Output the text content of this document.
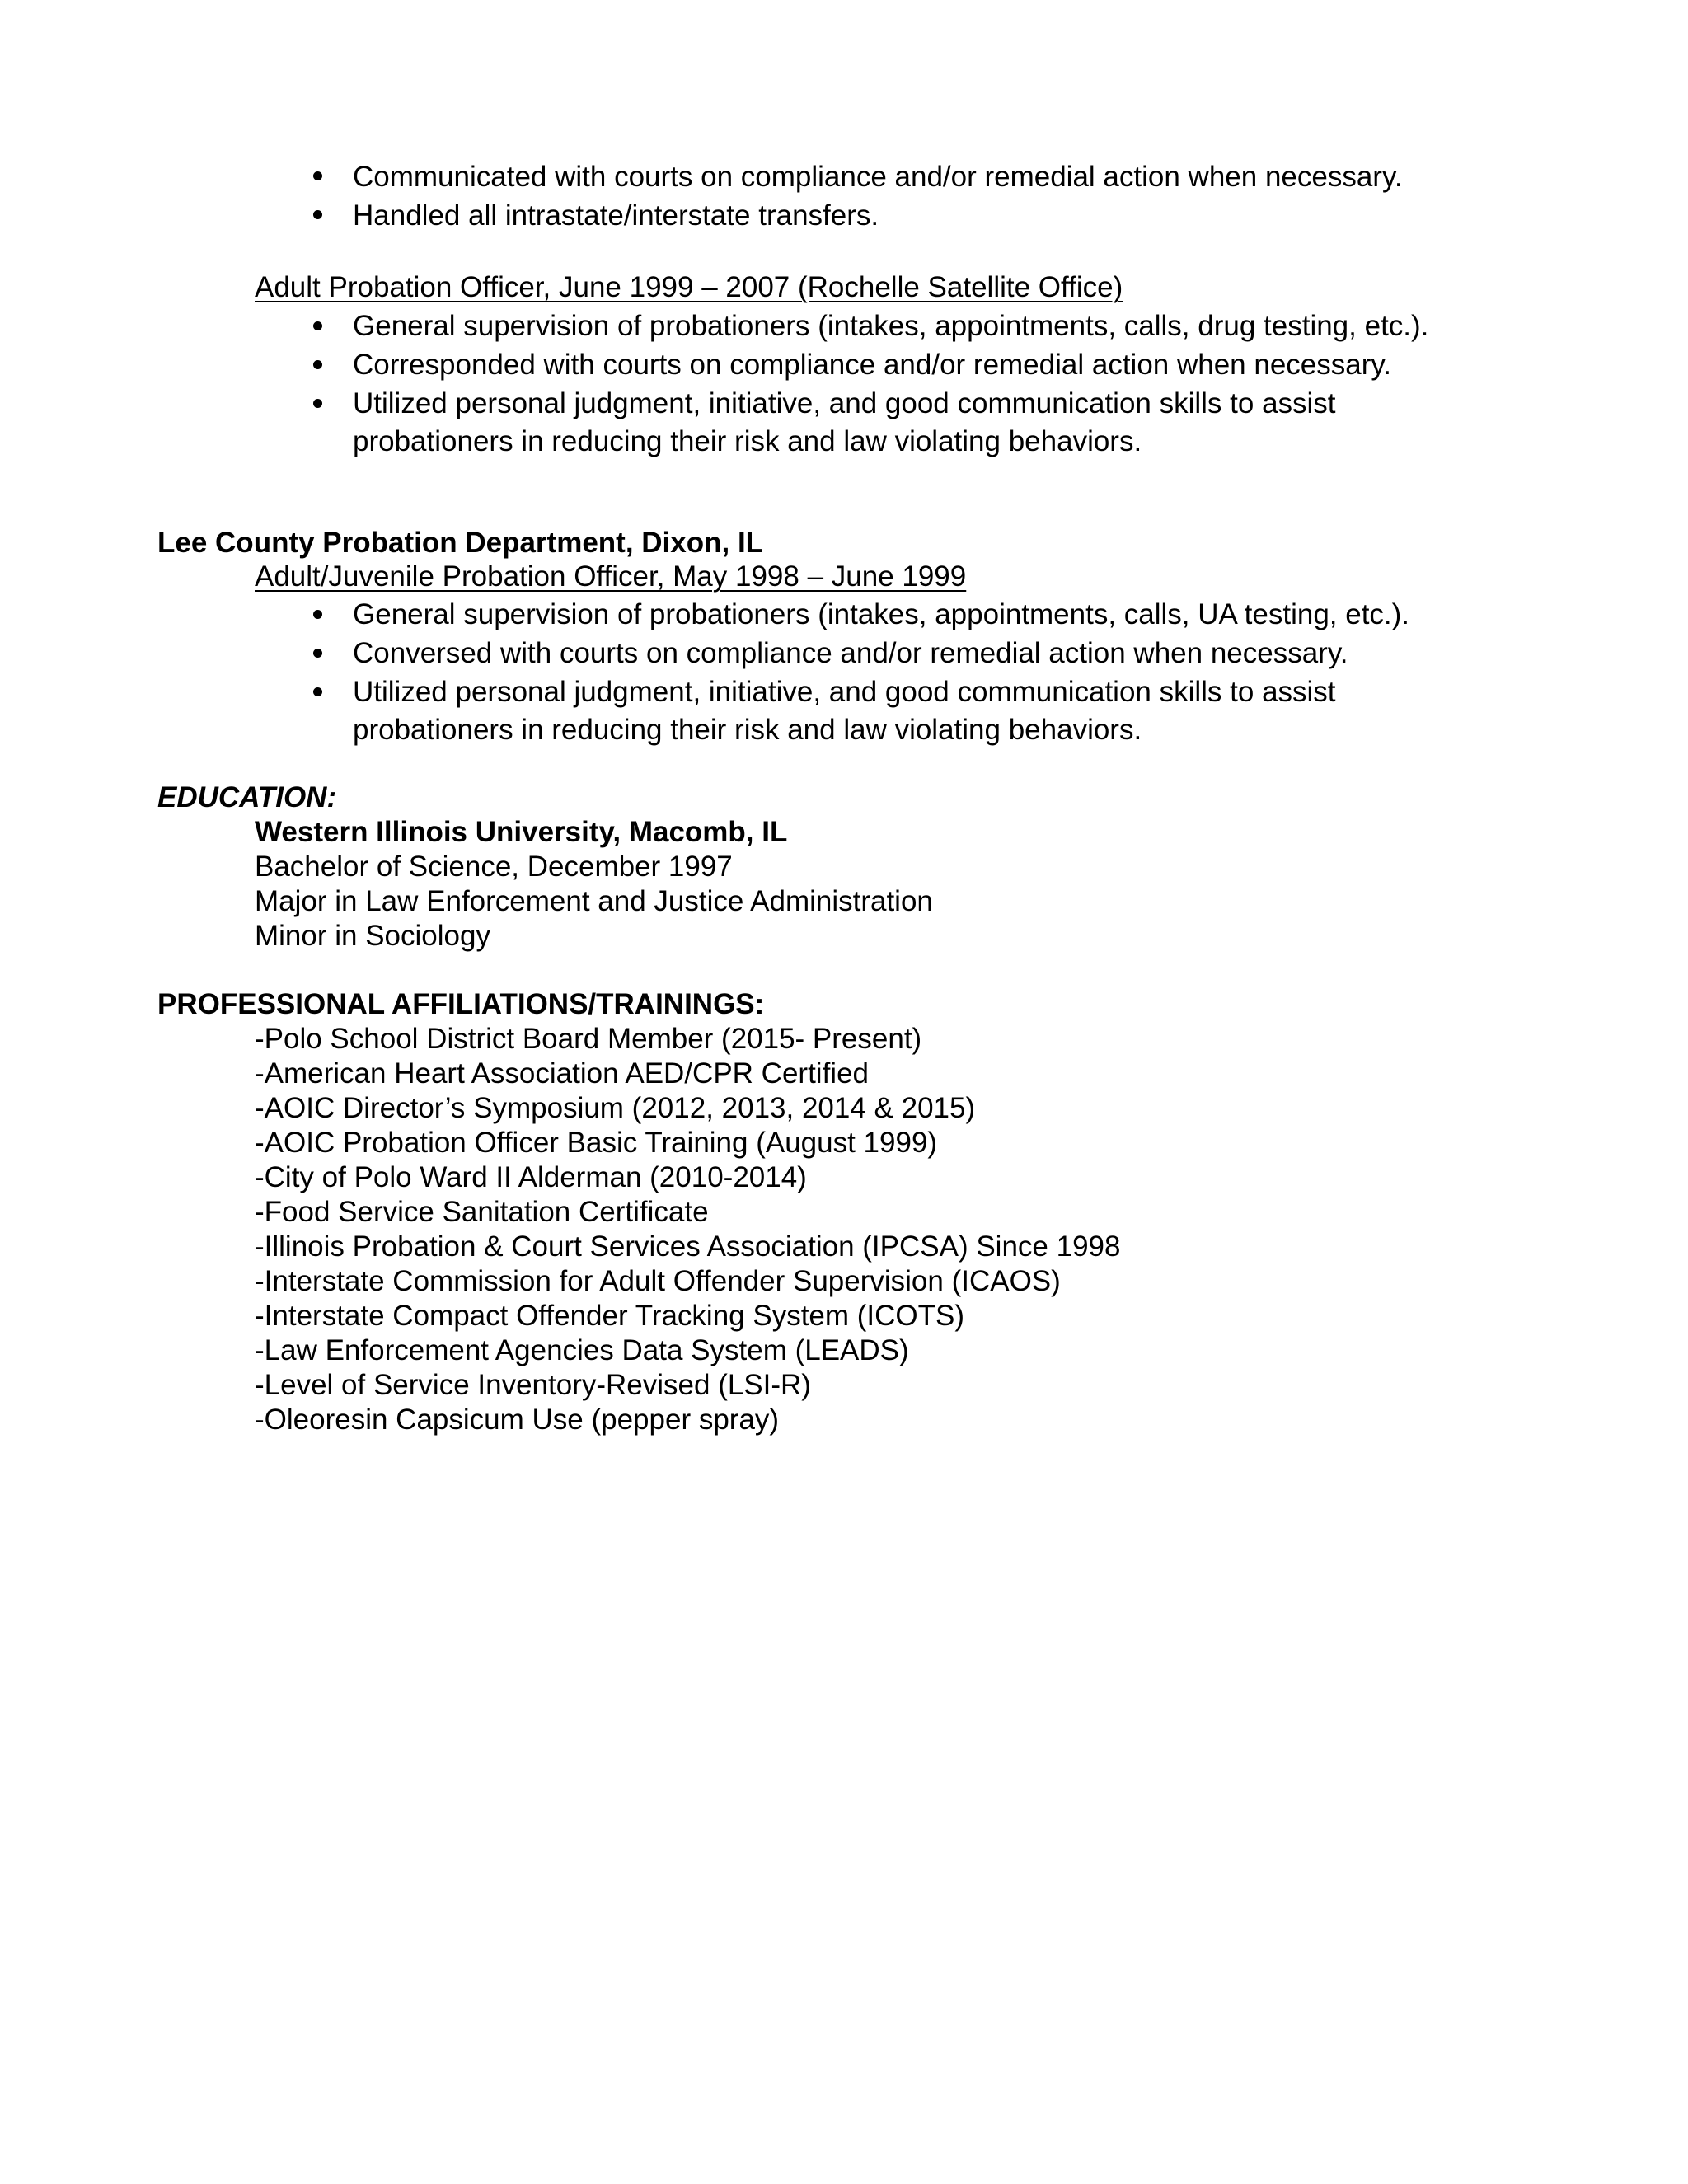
Communicated with courts on compliance and/or remedial action when necessary.
Handled all intrastate/interstate transfers.
Adult Probation Officer, June 1999 – 2007 (Rochelle Satellite Office)
General supervision of probationers (intakes, appointments, calls, drug testing, etc.).
Corresponded with courts on compliance and/or remedial action when necessary.
Utilized personal judgment, initiative, and good communication skills to assist
probationers in reducing their risk and law violating behaviors.
Lee County Probation Department, Dixon, IL
Adult/Juvenile Probation Officer, May 1998 – June 1999
General supervision of probationers (intakes, appointments, calls, UA testing, etc.).
Conversed with courts on compliance and/or remedial action when necessary.
Utilized personal judgment, initiative, and good communication skills to assist
probationers in reducing their risk and law violating behaviors.
EDUCATION:
Western Illinois University, Macomb, IL
Bachelor of Science, December 1997
Major in Law Enforcement and Justice Administration
Minor in Sociology
PROFESSIONAL AFFILIATIONS/TRAININGS:
-Polo School District Board Member (2015- Present)
-American Heart Association AED/CPR Certified
-AOIC Director’s Symposium (2012, 2013, 2014 & 2015)
-AOIC Probation Officer Basic Training (August 1999)
-City of Polo Ward II Alderman (2010-2014)
-Food Service Sanitation Certificate
-Illinois Probation & Court Services Association (IPCSA) Since 1998
-Interstate Commission for Adult Offender Supervision (ICAOS)
-Interstate Compact Offender Tracking System (ICOTS)
-Law Enforcement Agencies Data System (LEADS)
-Level of Service Inventory-Revised (LSI-R)
-Oleoresin Capsicum Use (pepper spray)
